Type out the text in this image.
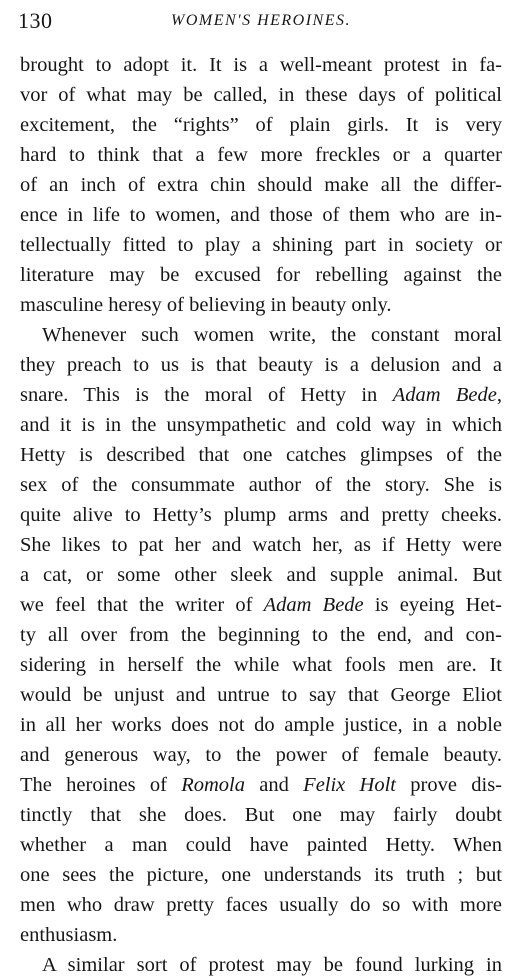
130	WOMEN'S HEROINES.
brought to adopt it. It is a well-meant protest in fa-
vor of what may be called, in these days of political
excitement, the “rights” of plain girls. It is very
hard to think that a few more freckles or a quarter
of an inch of extra chin should make all the differ-
ence in life to women, and those of them who are in-
tellectually fitted to play a shining part in society or
literature may be excused for rebelling against the
masculine heresy of believing in beauty only.
Whenever such women write, the constant moral
they preach to us is that beauty is a delusion and a
snare. This is the moral of Hetty in Adam Bede,
and it is in the unsympathetic and cold way in which
Hetty is described that one catches glimpses of the
sex of the consummate author of the story. She is
quite alive to Hetty’s plump arms and pretty cheeks.
She likes to pat her and watch her, as if Hetty were
a cat, or some other sleek and supple animal. But
we feel that the writer of Adam Bede is eyeing Het-
ty all over from the beginning to the end, and con-
sidering in herself the while what fools men are. It
would be unjust and untrue to say that George Eliot
in all her works does not do ample justice, in a noble
and generous way, to the power of female beauty.
The heroines of Romola and Felix Holt prove dis-
tinctly that she does. But one may fairly doubt
whether a man could have painted Hetty. When
one sees the picture, one understands its truth ; but
men who draw pretty faces usually do so with more
enthusiasm.
A similar sort of protest may be found lurking in
